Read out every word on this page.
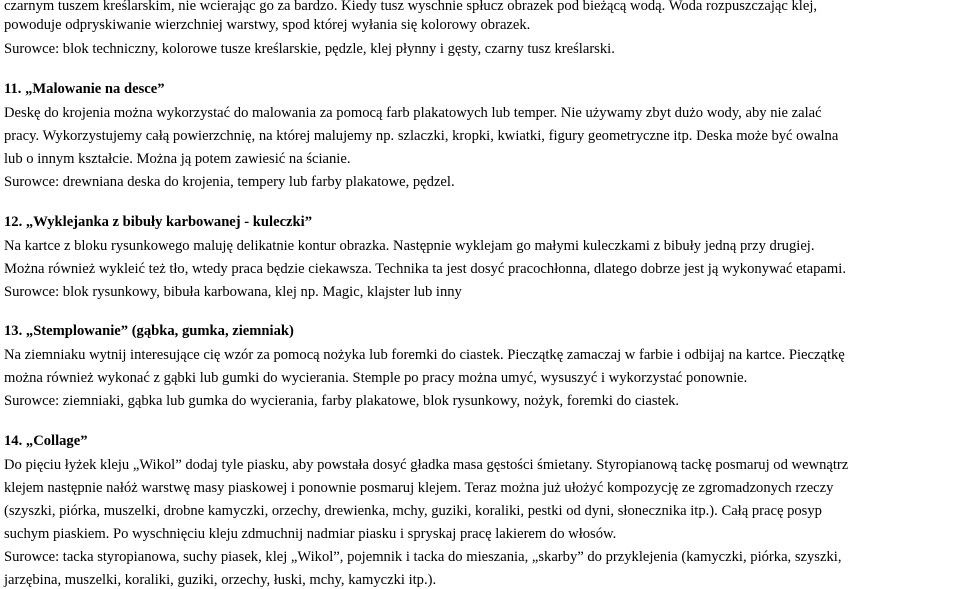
czarnym tuszem kreślarskim, nie wcierając go za bardzo. Kiedy tusz wyschnie spłucz obrazek pod bieżącą wodą. Woda rozpuszczając klej,
powoduje odpryskiwanie wierzchniej warstwy, spod której wyłania się kolorowy obrazek.
Surowce: blok techniczny, kolorowe tusze kreślarskie, pędzle, klej płynny i gęsty, czarny tusz kreślarski.
11. „Malowanie na desce”
Deskę do krojenia można wykorzystać do malowania za pomocą farb plakatowych lub temper. Nie używamy zbyt dużo wody, aby nie zalać
pracy. Wykorzystujemy całą powierzchnię, na której malujemy np. szlaczki, kropki, kwiatki, figury geometryczne itp. Deska może być owalna
lub o innym kształcie. Można ją potem zawiesić na ścianie.
Surowce: drewniana deska do krojenia, tempery lub farby plakatowe, pędzel.
12. „Wyklejanka z bibuły karbowanej - kuleczki”
Na kartce z bloku rysunkowego maluję delikatnie kontur obrazka. Następnie wyklejam go małymi kuleczkami z bibuły jedną przy drugiej.
Można również wykleić też tło, wtedy praca będzie ciekawsza. Technika ta jest dosyć pracochłonna, dlatego dobrze jest ją wykonywać etapami.
Surowce: blok rysunkowy, bibuła karbowana, klej np. Magic, klajster lub inny
13. „Stemplowanie” (gąbka, gumka, ziemniak)
Na ziemniaku wytnij interesujące cię wzór za pomocą nożyka lub foremki do ciastek. Pieczątkę zamaczaj w farbie i odbijaj na kartce. Pieczątkę
można również wykonać z gąbki lub gumki do wycierania. Stemple po pracy można umyć, wysuszyć i wykorzystać ponownie.
Surowce: ziemniaki, gąbka lub gumka do wycierania, farby plakatowe, blok rysunkowy, nożyk, foremki do ciastek.
14. „Collage”
Do pięciu łyżek kleju „Wikol” dodaj tyle piasku, aby powstała dosyć gładka masa gęstości śmietany. Styropianową tackę posmaruj od wewnątrz
klejem następnie nałóż warstwę masy piaskowej i ponownie posmaruj klejem. Teraz można już ułożyć kompozycję ze zgromadzonych rzeczy
(szyszki, piórka, muszelki, drobne kamyczki, orzechy, drewienka, mchy, guziki, koraliki, pestki od dyni, słonecznika itp.). Całą pracę posyp
suchym piaskiem. Po wyschnięciu kleju zdmuchnij nadmiar piasku i spryskaj pracę lakierem do włosów.
Surowce: tacka styropianowa, suchy piasek, klej „Wikol”, pojemnik i tacka do mieszania, „skarby” do przyklejenia (kamyczki, piórka, szyszki,
jarzębina, muszelki, koraliki, guziki, orzechy, łuski, mchy, kamyczki itp.).
